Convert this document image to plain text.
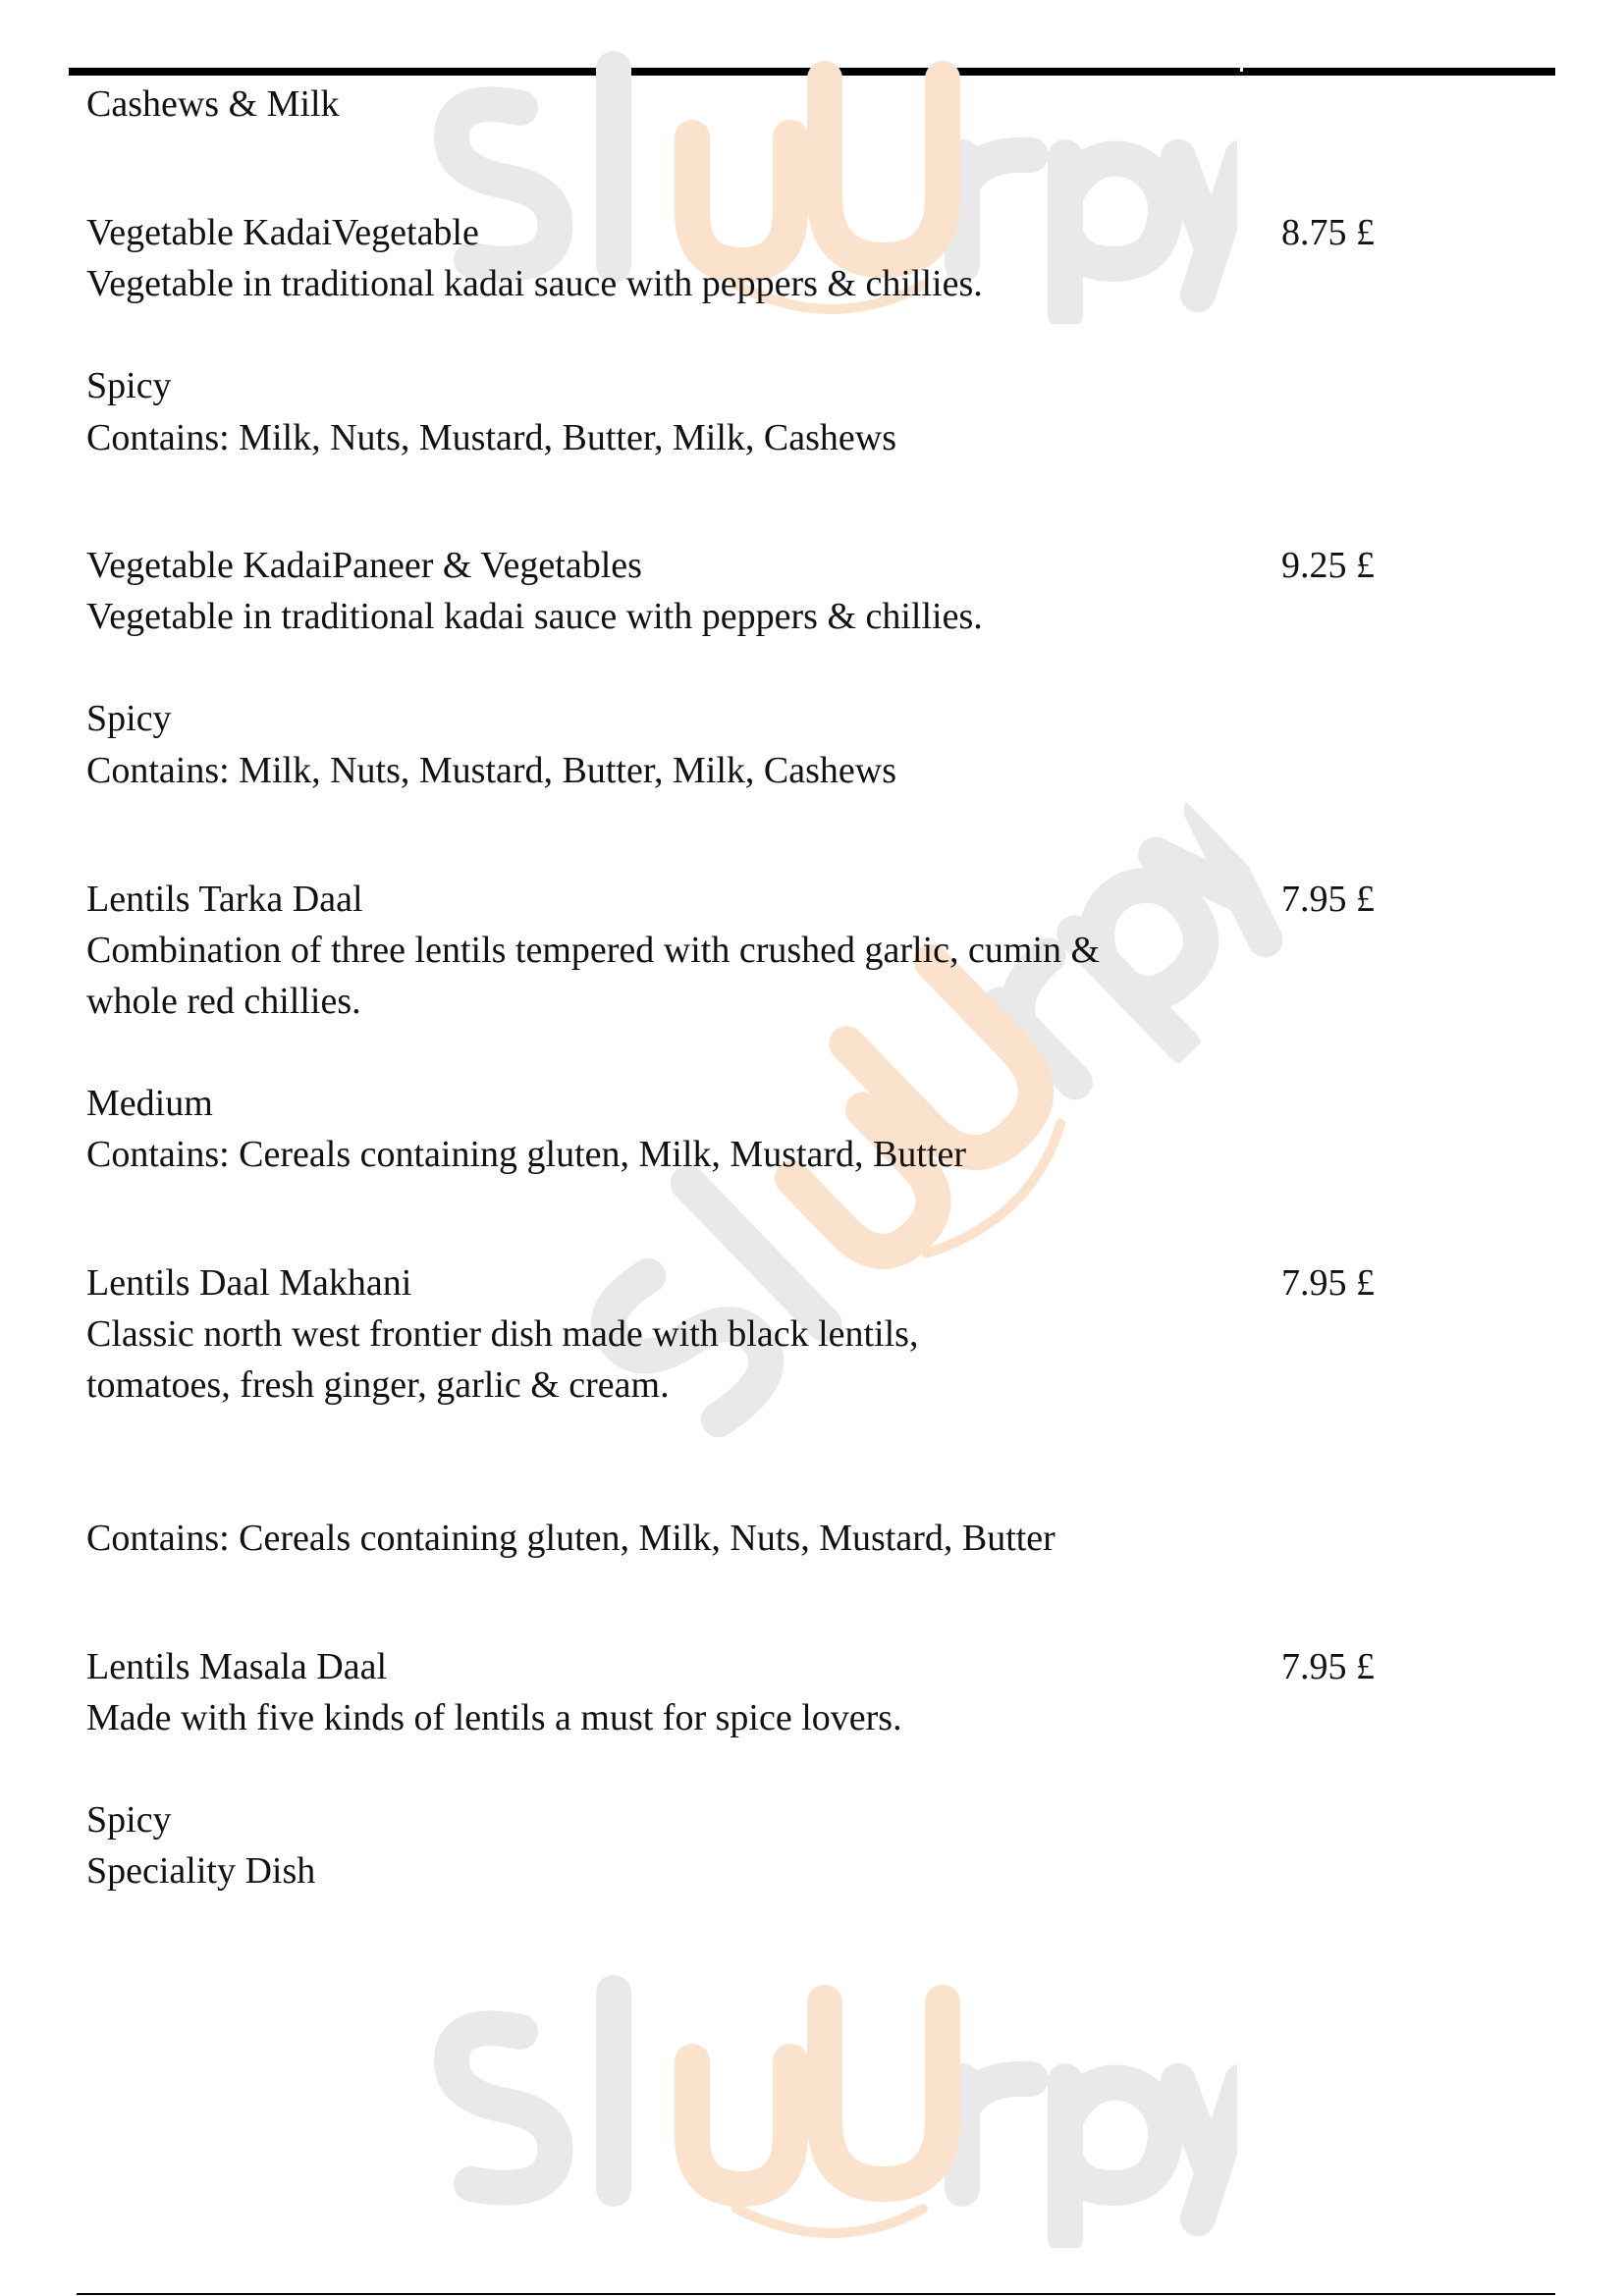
Cashews & Milk
Vegetable KadaiVegetable	8.75 £
Vegetable in traditional kadai sauce with peppers & chillies.
Spicy
Contains: Milk, Nuts, Mustard, Butter, Milk, Cashews
Vegetable KadaiPaneer & Vegetables	9.25 £
Vegetable in traditional kadai sauce with peppers & chillies.
Spicy
Contains: Milk, Nuts, Mustard, Butter, Milk, Cashews
Lentils Tarka Daal	7.95 £
Combination of three lentils tempered with crushed garlic, cumin &
whole red chillies.
Medium
Contains: Cereals containing gluten, Milk, Mustard, Butter
Lentils Daal Makhani	7.95 £
Classic north west frontier dish made with black lentils,
tomatoes, fresh ginger, garlic & cream.
Contains: Cereals containing gluten, Milk, Nuts, Mustard, Butter
Lentils Masala Daal	7.95 £
Made with five kinds of lentils a must for spice lovers.
Spicy
Speciality Dish
